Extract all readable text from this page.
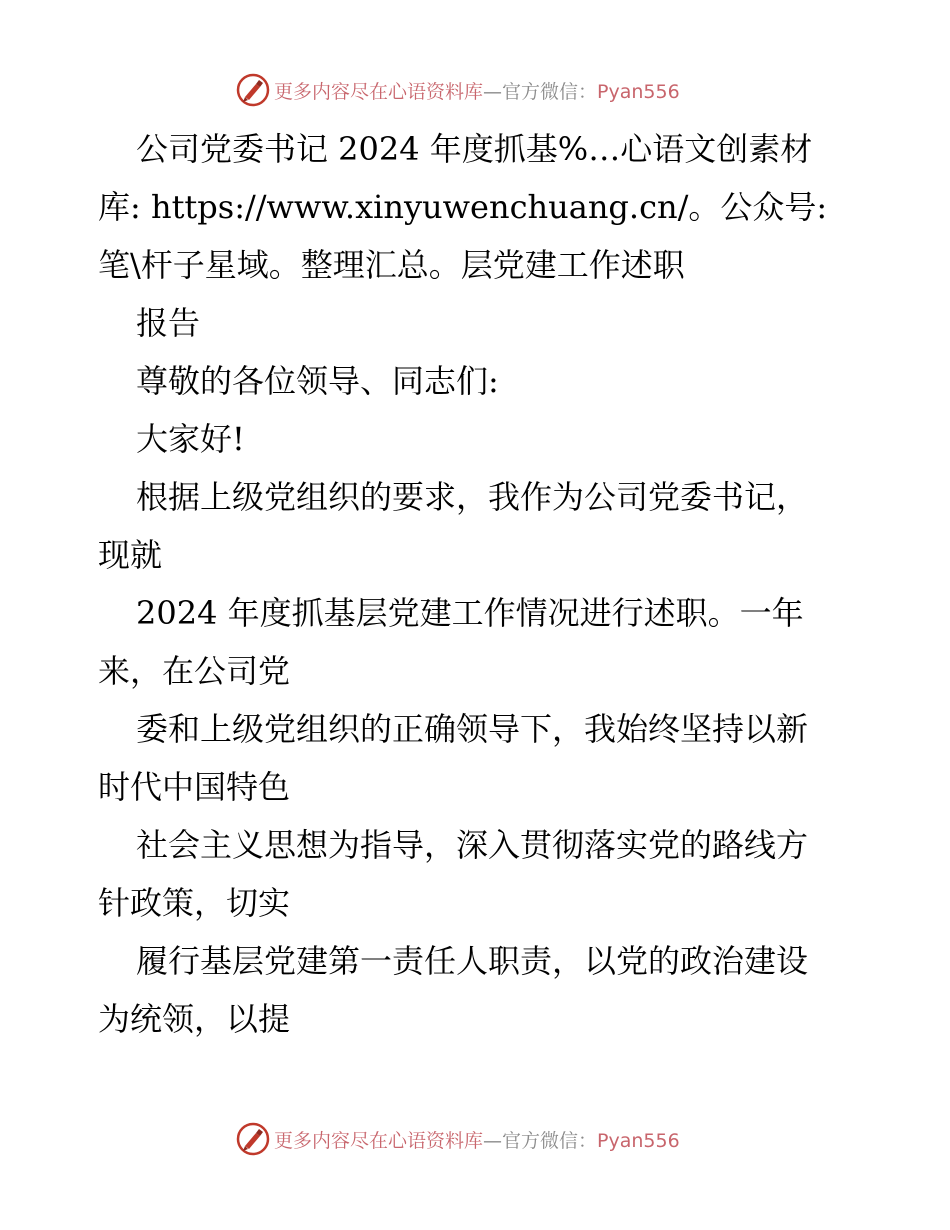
更多内容尽在心语资料库—官方微信：Pyan556
公司党委书记 2024 年度抓基%…心语文创素材
库: https://www.xinyuwenchuang.cn/。公众号:
笔\杆子星域。整理汇总。层党建工作述职
报告
尊敬的各位领导、同志们:
大家好!
根据上级党组织的要求，我作为公司党委书记，
现就
2024 年度抓基层党建工作情况进行述职。一年
来，在公司党
委和上级党组织的正确领导下，我始终坚持以新
时代中国特色
社会主义思想为指导，深入贯彻落实党的路线方
针政策，切实
履行基层党建第一责任人职责，以党的政治建设
为统领，以提
更多内容尽在心语资料库—官方微信：Pyan556
